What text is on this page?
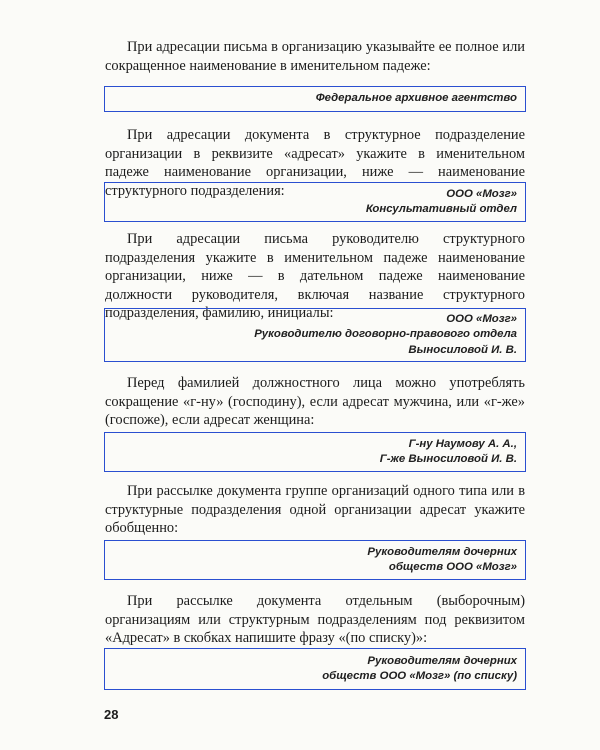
При адресации письма в организацию указывайте ее полное или сокращенное наименование в именительном падеже:

Федеральное архивное агентство

При адресации документа в структурное подразделение организации в реквизите «адресат» укажите в именительном падеже наименование организации, ниже — наименование структурного подразделения:	ООО «Мозг»
Консультативный отдел

При адресации письма руководителю структурного подразделения укажите в именительном падеже наименование организации, ниже — в дательном падеже наименование должности руководителя, включая название структурного подразделения, фамилию, инициалы:	ООО «Мозг»
Руководителю договорно-правового отдела
Выносиловой И. В.

Перед фамилией должностного лица можно употреблять сокращение «г-ну» (господину), если адресат мужчина, или «г-же» (госпоже), если адресат женщина:

Г-ну Наумову А. А.,
Г-же Выносиловой И. В.

При рассылке документа группе организаций одного типа или в структурные подразделения одной организации адресат укажите обобщенно:

Руководителям дочерних
обществ ООО «Мозг»

При рассылке документа отдельным (выборочным) организациям или структурным подразделениям под реквизитом «Адресат» в скобках напишите фразу «(по списку)»:

Руководителям дочерних
обществ ООО «Мозг» (по списку)
28
